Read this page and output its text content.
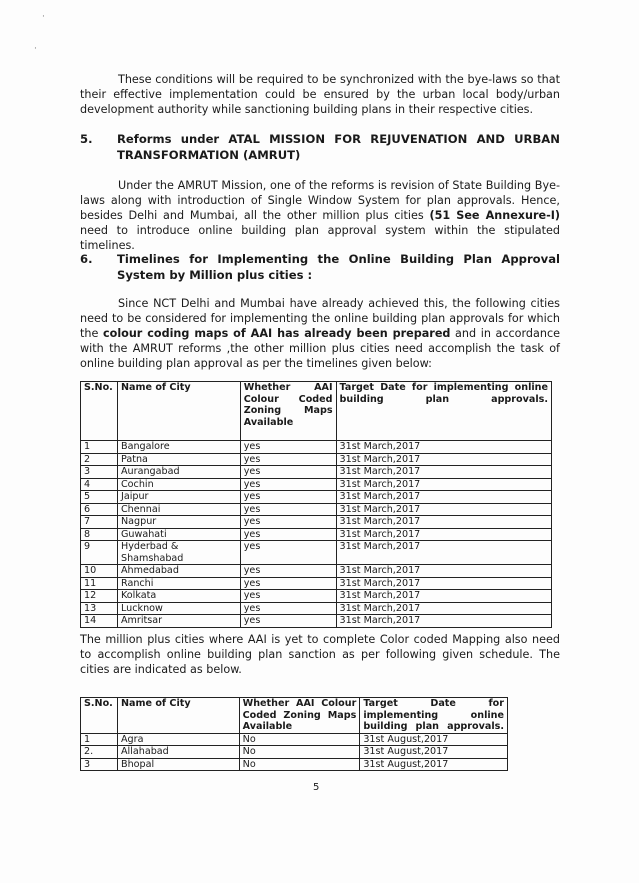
·
·

These conditions will be required to be synchronized with the bye-laws so that their effective implementation could be ensured by the urban local body/urban development authority while sanctioning building plans in their respective cities.

5. Reforms under ATAL MISSION FOR REJUVENATION AND URBAN TRANSFORMATION (AMRUT)

Under the AMRUT Mission, one of the reforms is revision of State Building Bye-laws along with introduction of Single Window System for plan approvals. Hence, besides Delhi and Mumbai, all the other million plus cities (51 See Annexure-I) need to introduce online building plan approval system within the stipulated timelines.

6. Timelines for Implementing the Online Building Plan Approval System by Million plus cities :

Since NCT Delhi and Mumbai have already achieved this, the following cities need to be considered for implementing the online building plan approvals for which the colour coding maps of AAI has already been prepared and in accordance with the AMRUT reforms ,the other million plus cities need accomplish the task of online building plan approval as per the timelines given below:

S.No.	Name of City	Whether AAI Colour Coded Zoning Maps Available	Target Date for implementing online building plan approvals.
1	Bangalore	yes	31st March,2017
2	Patna	yes	31st March,2017
3	Aurangabad	yes	31st March,2017
4	Cochin	yes	31st March,2017
5	Jaipur	yes	31st March,2017
6	Chennai	yes	31st March,2017
7	Nagpur	yes	31st March,2017
8	Guwahati	yes	31st March,2017
9	Hyderbad & Shamshabad	yes	31st March,2017
10	Ahmedabad	yes	31st March,2017
11	Ranchi	yes	31st March,2017
12	Kolkata	yes	31st March,2017
13	Lucknow	yes	31st March,2017
14	Amritsar	yes	31st March,2017

The million plus cities where AAI is yet to complete Color coded Mapping also need to accomplish online building plan sanction as per following given schedule. The cities are indicated as below.

S.No.	Name of City	Whether AAI Colour Coded Zoning Maps Available	Target Date for implementing online building plan approvals.
1	Agra	No	31st August,2017
2.	Allahabad	No	31st August,2017
3	Bhopal	No	31st August,2017
5
